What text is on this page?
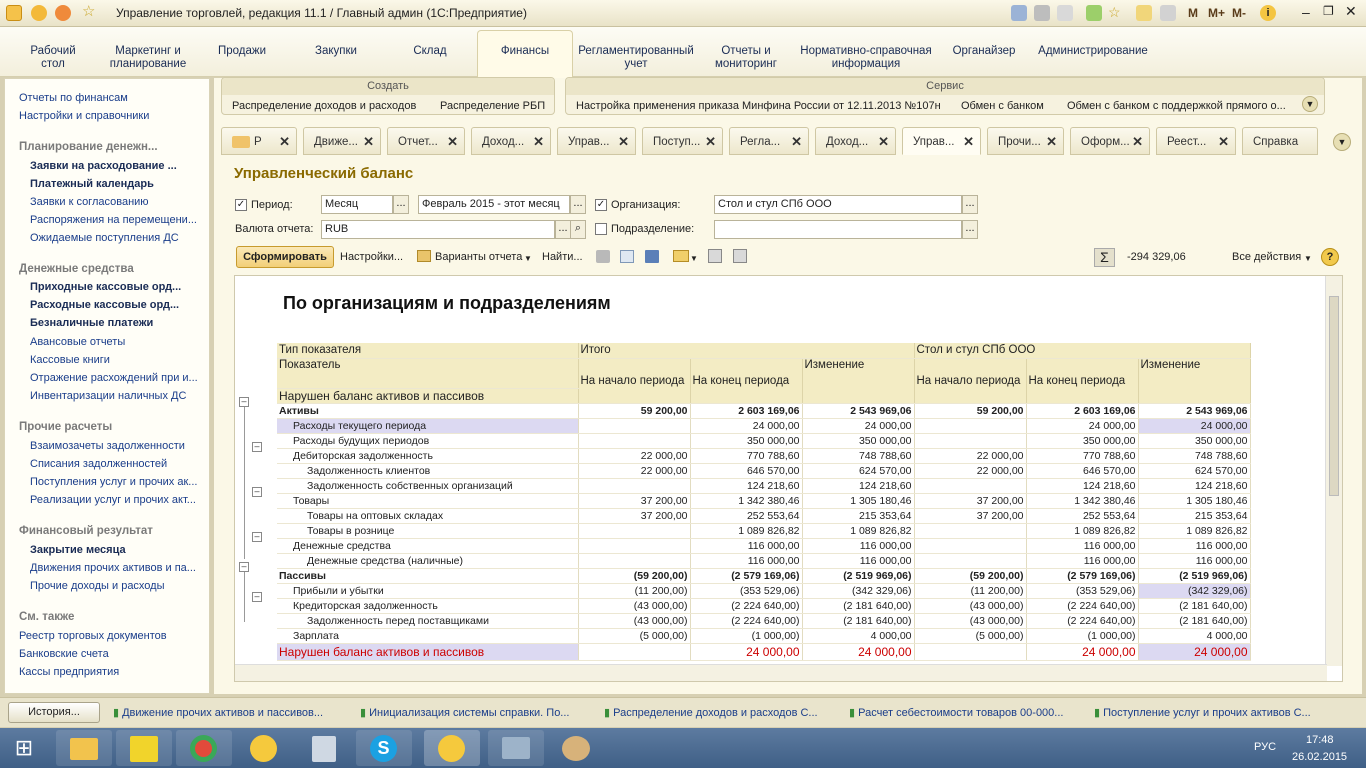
☆ Управление торговлей, редакция 11.1 / Главный админ (1С:Предприятие)	☆	M M+ M-	i	– ❐ ✕
Рабочий
стол
Маркетинг и
планирование
Продажи	Закупки	Склад	Финансы	Регламентированный
учет
Отчеты и
мониторинг
Нормативно-справочная
информация
Органайзер	Администрирование
Отчеты по финансам
Настройки и справочники
Планирование денежн...
Заявки на расходование ...
Платежный календарь
Заявки к согласованию
Распоряжения на перемещени...
Ожидаемые поступления ДС
Денежные средства
Приходные кассовые орд...
Расходные кассовые орд...
Безналичные платежи
Авансовые отчеты
Кассовые книги
Отражение расхождений при и...
Инвентаризации наличных ДС
Прочие расчеты
Взаимозачеты задолженности
Списания задолженностей
Поступления услуг и прочих ак...
Реализации услуг и прочих акт...
Финансовый результат
Закрытие месяца
Движения прочих активов и па...
Прочие доходы и расходы
См. также
Реестр торговых документов
Банковские счета
Кассы предприятия
Создать
Распределение доходов и расходов Распределение РБП
Сервис
Настройка применения приказа Минфина России от 12.11.2013 №107н Обмен с банком Обмен с банком с поддержкой прямого о...	▼
Р ✕	Движе... ✕	Отчет... ✕	Доход... ✕	Управ... ✕	Поступ... ✕	Регла... ✕	Доход... ✕	Управ... ✕	Прочи... ✕	Оформ... ✕	Реест... ✕	Справка	▼
Управленческий баланс
✓ Период:	Месяц	...	Февраль 2015 - этот месяц	...	✓ Организация:	Стол и стул СПб ООО	...
Валюта отчета:	RUB	... ⌕	Подразделение:	...
Сформировать	Настройки...	Варианты отчета ▼ Найти...	▼	Σ	-294 329,06	Все действия ▼	?
По организациям и подразделениям
–
–
–
–
–
–
Тип показателя	Итого			Стол и стул СПб ООО		
Показатель	На начало периода	На конец периода	Изменение	На начало периода	На конец периода	Изменение
Нарушен баланс активов и пассивов						
Активы	59 200,00	2 603 169,06	2 543 969,06	59 200,00	2 603 169,06	2 543 969,06
Расходы текущего периода		24 000,00	24 000,00		24 000,00	24 000,00
Расходы будущих периодов		350 000,00	350 000,00		350 000,00	350 000,00
Дебиторская задолженность	22 000,00	770 788,60	748 788,60	22 000,00	770 788,60	748 788,60
Задолженность клиентов	22 000,00	646 570,00	624 570,00	22 000,00	646 570,00	624 570,00
Задолженность собственных организаций		124 218,60	124 218,60		124 218,60	124 218,60
Товары	37 200,00	1 342 380,46	1 305 180,46	37 200,00	1 342 380,46	1 305 180,46
Товары на оптовых складах	37 200,00	252 553,64	215 353,64	37 200,00	252 553,64	215 353,64
Товары в рознице		1 089 826,82	1 089 826,82		1 089 826,82	1 089 826,82
Денежные средства		116 000,00	116 000,00		116 000,00	116 000,00
Денежные средства (наличные)		116 000,00	116 000,00		116 000,00	116 000,00
Пассивы	(59 200,00)	(2 579 169,06)	(2 519 969,06)	(59 200,00)	(2 579 169,06)	(2 519 969,06)
Прибыли и убытки	(11 200,00)	(353 529,06)	(342 329,06)	(11 200,00)	(353 529,06)	(342 329,06)
Кредиторская задолженность	(43 000,00)	(2 224 640,00)	(2 181 640,00)	(43 000,00)	(2 224 640,00)	(2 181 640,00)
Задолженность перед поставщиками	(43 000,00)	(2 224 640,00)	(2 181 640,00)	(43 000,00)	(2 224 640,00)	(2 181 640,00)
Зарплата	(5 000,00)	(1 000,00)	4 000,00	(5 000,00)	(1 000,00)	4 000,00
Нарушен баланс активов и пассивов		24 000,00	24 000,00		24 000,00	24 000,00
История...	▮ Движение прочих активов и пассивов...	▮ Инициализация системы справки. По...	▮ Распределение доходов и расходов С...	▮ Расчет себестоимости товаров 00-000...	▮ Поступление услуг и прочих активов С...
⊞	S	РУС
17:48
26.02.2015
